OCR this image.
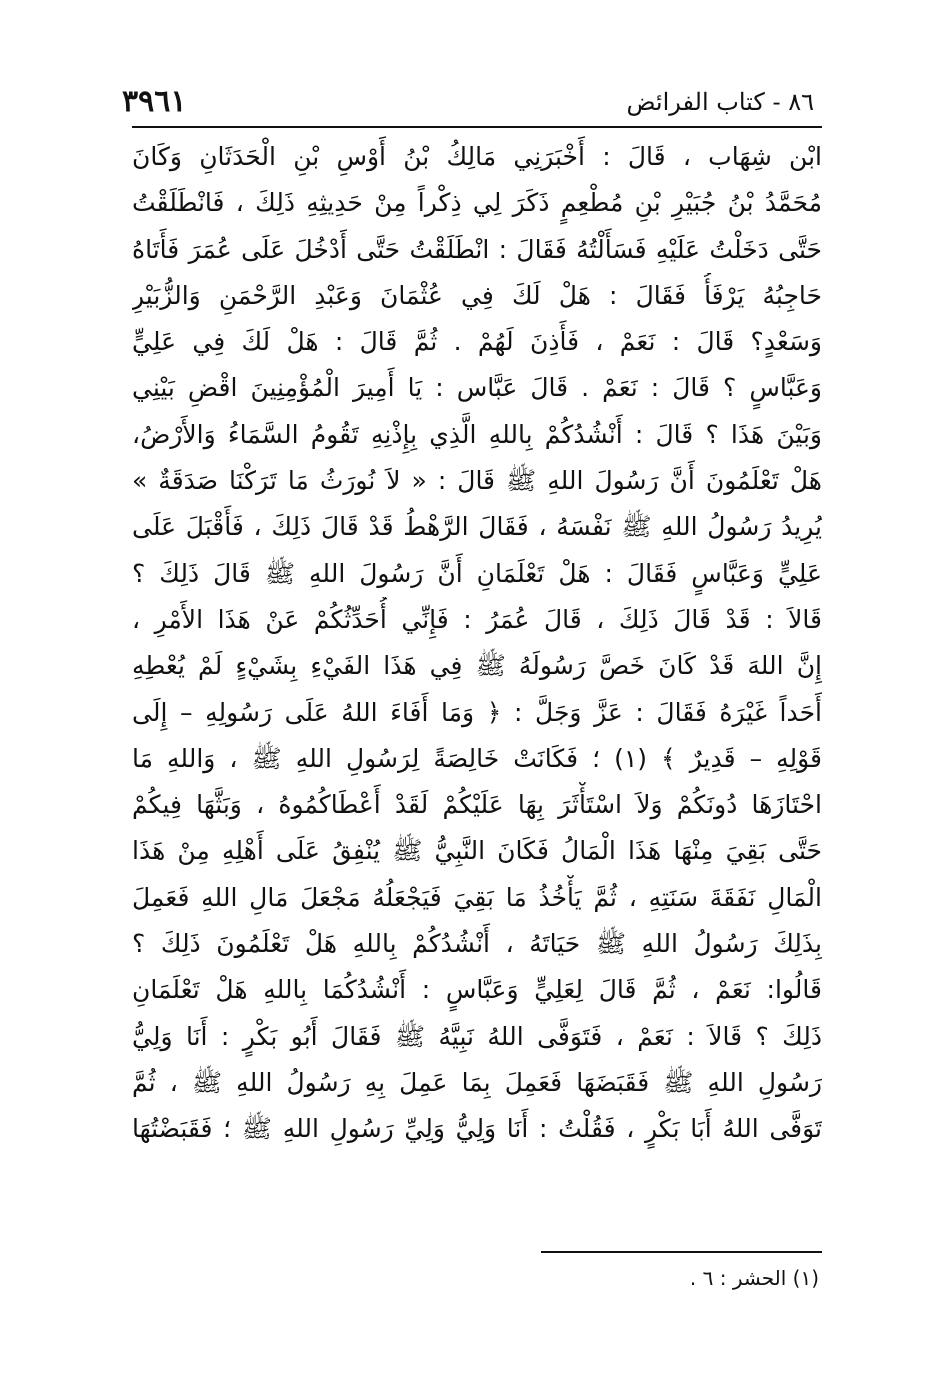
٣٩٦١	٨٦ - كتاب الفرائض
ابْن شِهَاب ، قَالَ : أَخْبَرَنِي مَالِكُ بْنُ أَوْسِ بْنِ الْحَدَثَانِ وَكَانَ
مُحَمَّدُ بْنُ جُبَيْرِ بْنِ مُطْعِمٍ ذَكَرَ لِي ذِكْراً مِنْ حَدِيثِهِ ذَلِكَ ، فَانْطَلَقْتُ
حَتَّى دَخَلْتُ عَلَيْهِ فَسَأَلْتُهُ فَقَالَ : انْطَلَقْتُ حَتَّى أَدْخُلَ عَلَى عُمَرَ فَأَتَاهُ
حَاجِبُهُ يَرْفَأُ فَقَالَ : هَلْ لَكَ فِي عُثْمَانَ وَعَبْدِ الرَّحْمَنِ وَالزُّبَيْرِ
وَسَعْدٍ؟ قَالَ : نَعَمْ ، فَأَذِنَ لَهُمْ . ثُمَّ قَالَ : هَلْ لَكَ فِي عَلِيٍّ
وَعَبَّاسٍ ؟ قَالَ : نَعَمْ . قَالَ عَبَّاس : يَا أَمِيرَ الْمُؤْمِنِينَ اقْضِ بَيْنِي
وَبَيْنَ هَذَا ؟ قَالَ : أَنْشُدُكُمْ بِاللهِ الَّذِي بِإِذْنِهِ تَقُومُ السَّمَاءُ وَالأَرْضُ،
هَلْ تَعْلَمُونَ أَنَّ رَسُولَ اللهِ ﷺ قَالَ : « لاَ نُورَثُ مَا تَرَكْنَا صَدَقَةٌ »
يُرِيدُ رَسُولُ اللهِ ﷺ نَفْسَهُ ، فَقَالَ الرَّهْطُ قَدْ قَالَ ذَلِكَ ، فَأَقْبَلَ عَلَى
عَلِيٍّ وَعَبَّاسٍ فَقَالَ : هَلْ تَعْلَمَانِ أَنَّ رَسُولَ اللهِ ﷺ قَالَ ذَلِكَ ؟
قَالاَ : قَدْ قَالَ ذَلِكَ ، قَالَ عُمَرُ : فَإِنِّي أُحَدِّثُكُمْ عَنْ هَذَا الأَمْرِ ،
إِنَّ اللهَ قَدْ كَانَ خَصَّ رَسُولَهُ ﷺ فِي هَذَا الفَيْءِ بِشَيْءٍ لَمْ يُعْطِهِ
أَحَداً غَيْرَهُ فَقَالَ : عَزَّ وَجَلَّ : ﴿ وَمَا أَفَاءَ اللهُ عَلَى رَسُولِهِ – إِلَى
قَوْلِهِ – قَدِيرٌ ﴾ (١) ؛ فَكَانَتْ خَالِصَةً لِرَسُولِ اللهِ ﷺ ، وَاللهِ مَا
احْتَازَهَا دُونَكُمْ وَلاَ اسْتَأْثَرَ بِهَا عَلَيْكُمْ لَقَدْ أَعْطَاكُمُوهُ ، وَبَثَّهَا فِيكُمْ
حَتَّى بَقِيَ مِنْهَا هَذَا الْمَالُ فَكَانَ النَّبِيُّ ﷺ يُنْفِقُ عَلَى أَهْلِهِ مِنْ هَذَا
الْمَالِ نَفَقَةَ سَنَتِهِ ، ثُمَّ يَأْخُذُ مَا بَقِيَ فَيَجْعَلُهُ مَجْعَلَ مَالِ اللهِ فَعَمِلَ
بِذَلِكَ رَسُولُ اللهِ ﷺ حَيَاتَهُ ، أَنْشُدُكُمْ بِاللهِ هَلْ تَعْلَمُونَ ذَلِكَ ؟
قَالُوا: نَعَمْ ، ثُمَّ قَالَ لِعَلِيٍّ وَعَبَّاسٍ : أَنْشُدُكُمَا بِاللهِ هَلْ تَعْلَمَانِ
ذَلِكَ ؟ قَالاَ : نَعَمْ ، فَتَوَفَّى اللهُ نَبِيَّهُ ﷺ فَقَالَ أَبُو بَكْرٍ : أَنَا وَلِيُّ
رَسُولِ اللهِ ﷺ فَقَبَضَهَا فَعَمِلَ بِمَا عَمِلَ بِهِ رَسُولُ اللهِ ﷺ ، ثُمَّ
تَوَفَّى اللهُ أَبَا بَكْرٍ ، فَقُلْتُ : أَنَا وَلِيُّ وَلِيِّ رَسُولِ اللهِ ﷺ ؛ فَقَبَضْتُهَا
(١) الحشر : ٦ .
